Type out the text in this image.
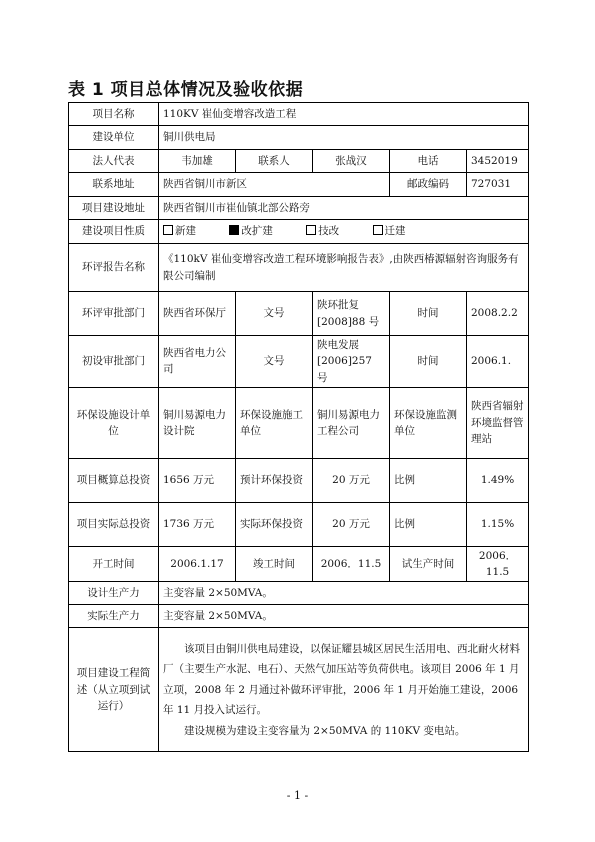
表 1 项目总体情况及验收依据
项目名称	110KV 崔仙变增容改造工程				
建设单位	铜川供电局				
法人代表	韦加雄	联系人	张战汉	电话	3452019
联系地址	陕西省铜川市新区			邮政编码	727031
项目建设地址	陕西省铜川市崔仙镇北部公路旁				
建设项目性质	新建 改扩建 技改 迁建				
环评报告名称	《110kV 崔仙变增容改造工程环境影响报告表》,由陕西椿源辐射咨询服务有限公司编制				
环评审批部门	陕西省环保厅	文号	陕环批复[2008]88 号	时间	2008.2.2
初设审批部门	陕西省电力公司	文号	陕电发展[2006]257 号	时间	2006.1.
环保设施设计单位	铜川易源电力设计院	环保设施施工单位	铜川易源电力工程公司	环保设施监测单位	陕西省辐射环境监督管理站
项目概算总投资	1656 万元	预计环保投资	20 万元	比例	1.49%
项目实际总投资	1736 万元	实际环保投资	20 万元	比例	1.15%
开工时间	2006.1.17	竣工时间	2006．11.5	试生产时间	2006．11.5
设计生产力	主变容量 2×50MVA。				
实际生产力	主变容量 2×50MVA。				
项目建设工程简述（从立项到试运行）	该项目由铜川供电局建设，以保证耀县城区居民生活用电、西北耐火材料厂（主要生产水泥、电石）、天然气加压站等负荷供电。该项目 2006 年 1 月立项，2008 年 2 月通过补做环评审批，2006 年 1 月开始施工建设，2006 年 11 月投入试运行。

建设规模为建设主变容量为 2×50MVA 的 110KV 变电站。				

- 1 -
